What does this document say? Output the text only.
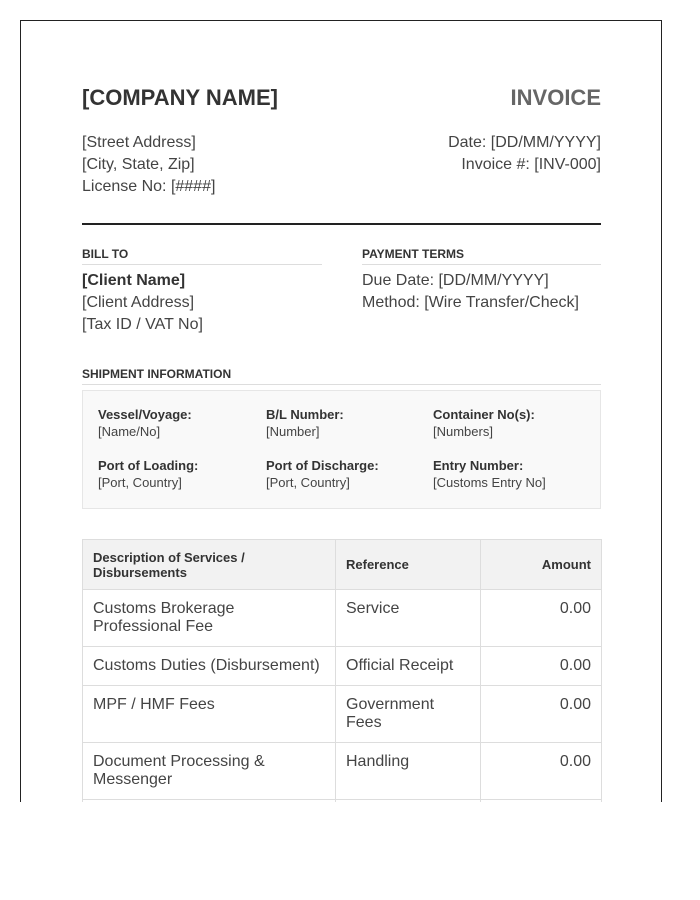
[COMPANY NAME]	INVOICE
[Street Address]
[City, State, Zip]
License No: [####]
Date: [DD/MM/YYYY]
Invoice #: [INV-000]
BILL TO
[Client Name]
[Client Address]
[Tax ID / VAT No]
PAYMENT TERMS
Due Date: [DD/MM/YYYY]
Method: [Wire Transfer/Check]
SHIPMENT INFORMATION
Vessel/Voyage:
[Name/No]
B/L Number:
[Number]
Container No(s):
[Numbers]
Port of Loading:
[Port, Country]
Port of Discharge:
[Port, Country]
Entry Number:
[Customs Entry No]
Description of Services / Disbursements	Reference	Amount
Customs Brokerage Professional Fee	Service	0.00
Customs Duties (Disbursement)	Official Receipt	0.00
MPF / HMF Fees	Government Fees	0.00
Document Processing & Messenger	Handling	0.00
